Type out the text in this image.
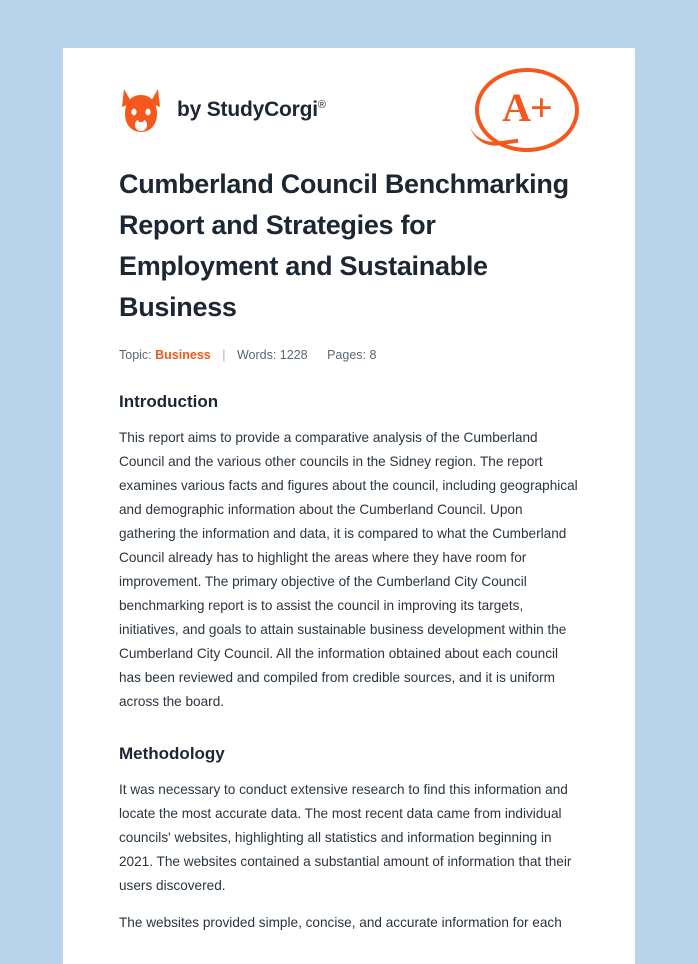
by StudyCorgi®	A+
Cumberland Council Benchmarking Report and Strategies for Employment and Sustainable Business
Topic: Business | Words: 1228 Pages: 8
Introduction

This report aims to provide a comparative analysis of the Cumberland Council and the various other councils in the Sidney region. The report examines various facts and figures about the council, including geographical and demographic information about the Cumberland Council. Upon gathering the information and data, it is compared to what the Cumberland Council already has to highlight the areas where they have room for improvement. The primary objective of the Cumberland City Council benchmarking report is to assist the council in improving its targets, initiatives, and goals to attain sustainable business development within the Cumberland City Council. All the information obtained about each council has been reviewed and compiled from credible sources, and it is uniform across the board.

Methodology

It was necessary to conduct extensive research to find this information and locate the most accurate data. The most recent data came from individual councils' websites, highlighting all statistics and information beginning in 2021. The websites contained a substantial amount of information that their users discovered.

The websites provided simple, concise, and accurate information for each
